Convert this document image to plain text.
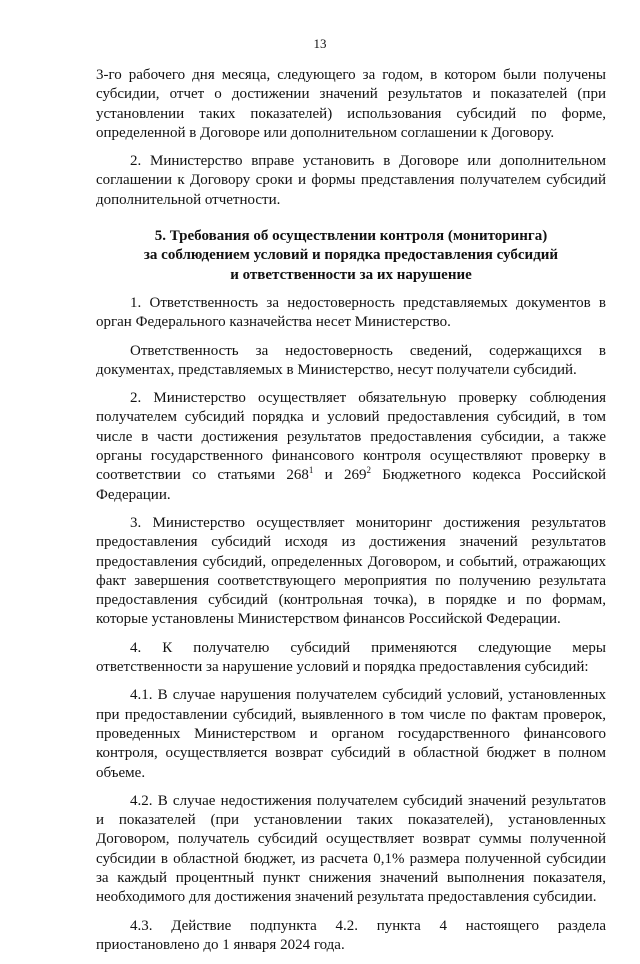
13

3-го рабочего дня месяца, следующего за годом, в котором были получены субсидии, отчет о достижении значений результатов и показателей (при установлении таких показателей) использования субсидий по форме, определенной в Договоре или дополнительном соглашении к Договору.

2. Министерство вправе установить в Договоре или дополнительном соглашении к Договору сроки и формы представления получателем субсидий дополнительной отчетности.

5. Требования об осуществлении контроля (мониторинга)
за соблюдением условий и порядка предоставления субсидий
и ответственности за их нарушение

1. Ответственность за недостоверность представляемых документов в орган Федерального казначейства несет Министерство.

Ответственность за недостоверность сведений, содержащихся в документах, представляемых в Министерство, несут получатели субсидий.

2. Министерство осуществляет обязательную проверку соблюдения получателем субсидий порядка и условий предоставления субсидий, в том числе в части достижения результатов предоставления субсидии, а также органы государственного финансового контроля осуществляют проверку в соответствии со статьями $268^1$ и $269^2$ Бюджетного кодекса Российской Федерации.

3. Министерство осуществляет мониторинг достижения результатов предоставления субсидий исходя из достижения значений результатов предоставления субсидий, определенных Договором, и событий, отражающих факт завершения соответствующего мероприятия по получению результата предоставления субсидий (контрольная точка), в порядке и по формам, которые установлены Министерством финансов Российской Федерации.

4. К получателю субсидий применяются следующие меры ответственности за нарушение условий и порядка предоставления субсидий:

4.1. В случае нарушения получателем субсидий условий, установленных при предоставлении субсидий, выявленного в том числе по фактам проверок, проведенных Министерством и органом государственного финансового контроля, осуществляется возврат субсидий в областной бюджет в полном объеме.

4.2. В случае недостижения получателем субсидий значений результатов и показателей (при установлении таких показателей), установленных Договором, получатель субсидий осуществляет возврат суммы полученной субсидии в областной бюджет, из расчета 0,1% размера полученной субсидии за каждый процентный пункт снижения значений выполнения показателя, необходимого для достижения значений результата предоставления субсидии.

4.3. Действие подпункта 4.2. пункта 4 настоящего раздела приостановлено до 1 января 2024 года.
